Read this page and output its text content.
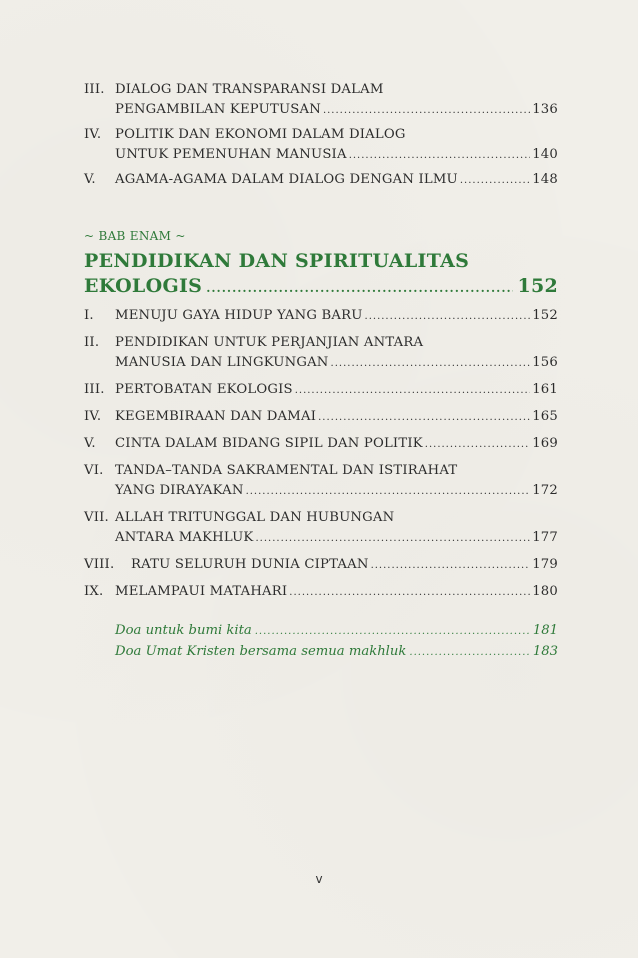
III. DIALOG DAN TRANSPARANSI DALAM
PENGAMBILAN KEPUTUSAN .....	136
IV. POLITIK DAN EKONOMI DALAM DIALOG
UNTUK PEMENUHAN MANUSIA .....	140
V. AGAMA-AGAMA DALAM DIALOG DENGAN ILMU .....	148
~ BAB ENAM ~
PENDIDIKAN DAN SPIRITUALITAS
EKOLOGIS .....	152
I. MENUJU GAYA HIDUP YANG BARU .....	152
II. PENDIDIKAN UNTUK PERJANJIAN ANTARA
MANUSIA DAN LINGKUNGAN .....	156
III. PERTOBATAN EKOLOGIS .....	161
IV. KEGEMBIRAAN DAN DAMAI .....	165
V. CINTA DALAM BIDANG SIPIL DAN POLITIK .....	169
VI. TANDA–TANDA SAKRAMENTAL DAN ISTIRAHAT
YANG DIRAYAKAN .....	172
VII. ALLAH TRITUNGGAL DAN HUBUNGAN
ANTARA MAKHLUK .....	177
VIII. RATU SELURUH DUNIA CIPTAAN .....	179
IX. MELAMPAUI MATAHARI .....	180
Doa untuk bumi kita .....	181
Doa Umat Kristen bersama semua makhluk .....	183
v
